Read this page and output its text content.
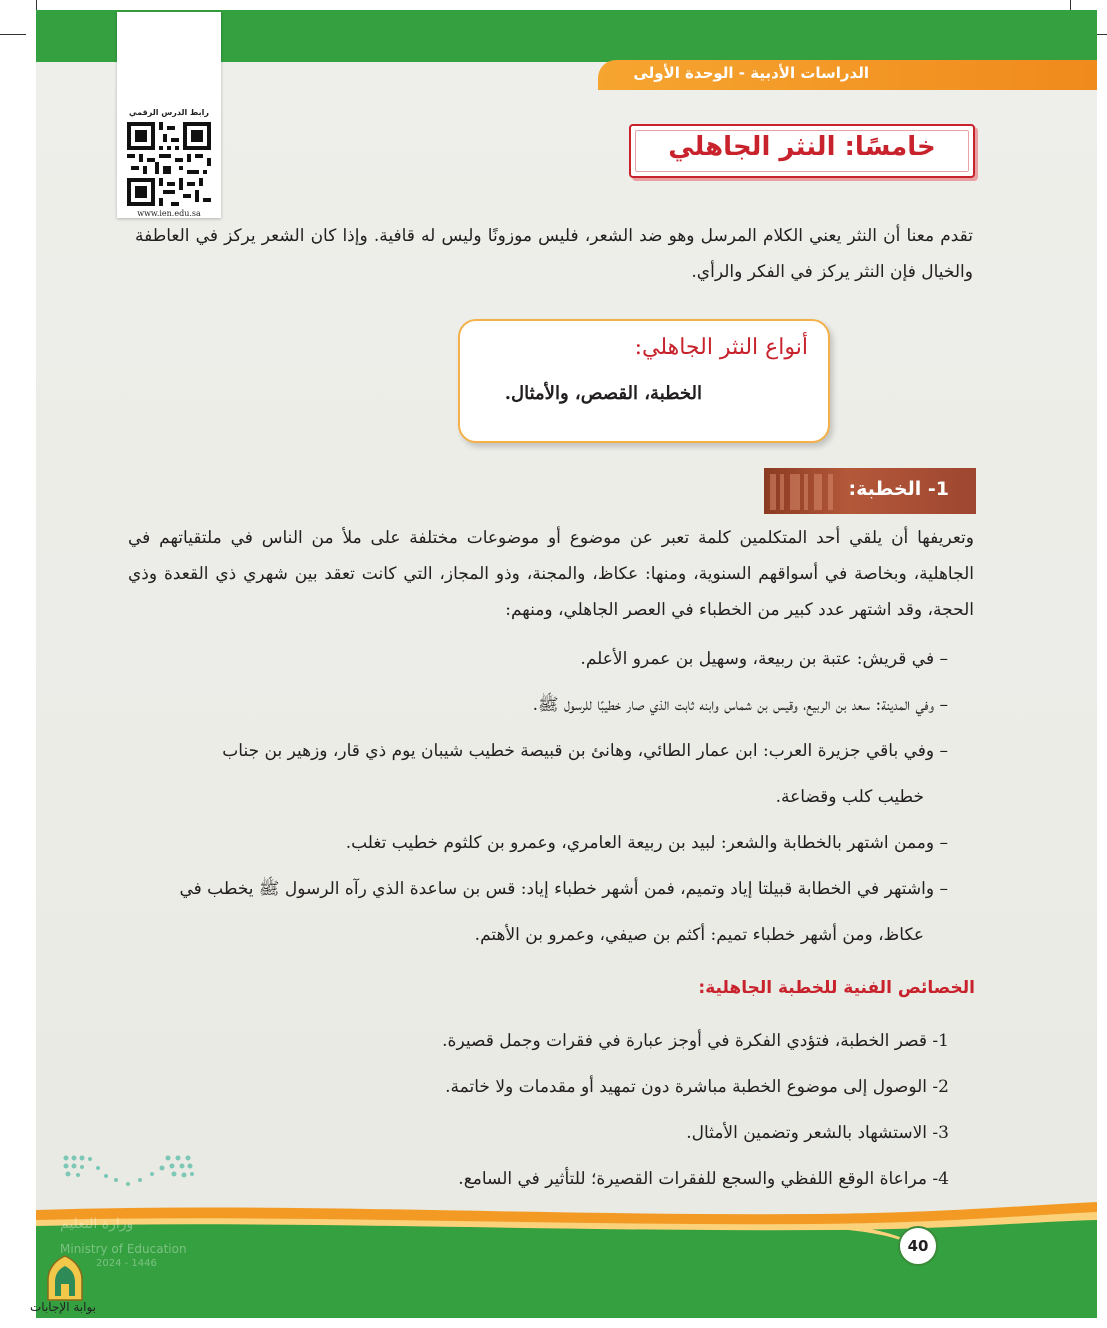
الدراسات الأدبية - الوحدة الأولى
رابط الدرس الرقمي
www.ien.edu.sa
خامسًا: النثر الجاهلي
تقدم معنا أن النثر يعني الكلام المرسل وهو ضد الشعر، فليس موزونًا وليس له قافية. وإذا كان الشعر يركز في العاطفة والخيال فإن النثر يركز في الفكر والرأي.
أنواع النثر الجاهلي:
الخطبة، القصص، والأمثال.
1- الخطبة:
وتعريفها أن يلقي أحد المتكلمين كلمة تعبر عن موضوع أو موضوعات مختلفة على ملأ من الناس في ملتقياتهم في الجاهلية، وبخاصة في أسواقهم السنوية، ومنها: عكاظ، والمجنة، وذو المجاز، التي كانت تعقد بين شهري ذي القعدة وذي الحجة، وقد اشتهر عدد كبير من الخطباء في العصر الجاهلي، ومنهم:
– في قريش: عتبة بن ربيعة، وسهيل بن عمرو الأعلم.
– وفي المدينة: سعد بن الربيع، وقيس بن شماس وابنه ثابت الذي صار خطيبًا للرسول ﷺ.
– وفي باقي جزيرة العرب: ابن عمار الطائي، وهانئ بن قبيصة خطيب شيبان يوم ذي قار، وزهير بن جناب
خطيب كلب وقضاعة.
– وممن اشتهر بالخطابة والشعر: لبيد بن ربيعة العامري، وعمرو بن كلثوم خطيب تغلب.
– واشتهر في الخطابة قبيلتا إياد وتميم، فمن أشهر خطباء إياد: قس بن ساعدة الذي رآه الرسول ﷺ يخطب في
عكاظ، ومن أشهر خطباء تميم: أكثم بن صيفي، وعمرو بن الأهتم.
الخصائص الفنية للخطبة الجاهلية:
1- قصر الخطبة، فتؤدي الفكرة في أوجز عبارة في فقرات وجمل قصيرة.
2- الوصول إلى موضوع الخطبة مباشرة دون تمهيد أو مقدمات ولا خاتمة.
3- الاستشهاد بالشعر وتضمين الأمثال.
4- مراعاة الوقع اللفظي والسجع للفقرات القصيرة؛ للتأثير في السامع.
40
وزارة التعليم
Ministry of Education
2024 - 1446
بوابة الإجابات
